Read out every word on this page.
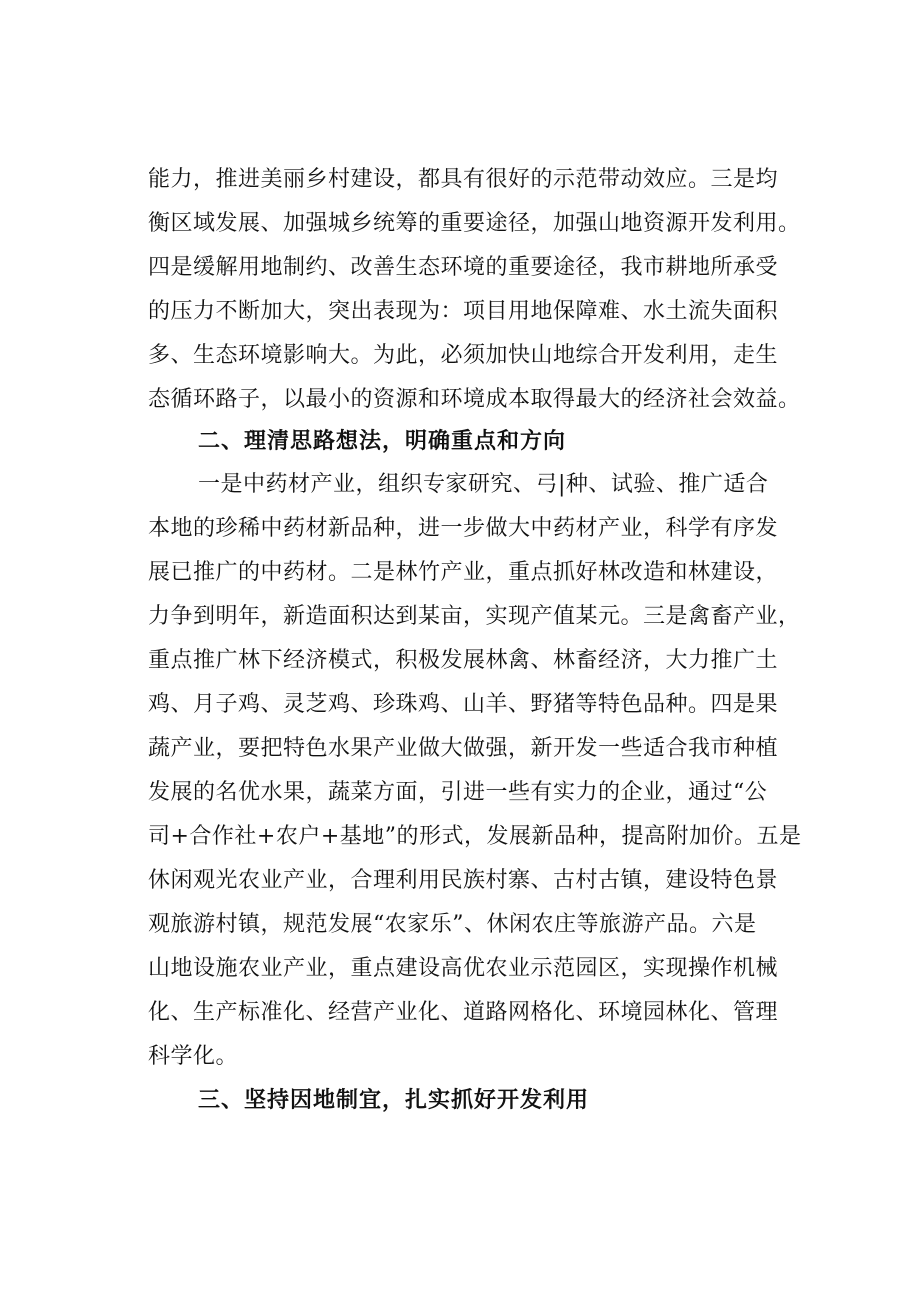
能力，推进美丽乡村建设，都具有很好的示范带动效应。三是均
衡区域发展、加强城乡统筹的重要途径，加强山地资源开发利用。
四是缓解用地制约、改善生态环境的重要途径，我市耕地所承受
的压力不断加大，突出表现为：项目用地保障难、水土流失面积
多、生态环境影响大。为此，必须加快山地综合开发利用，走生
态循环路子，以最小的资源和环境成本取得最大的经济社会效益。
二、理清思路想法，明确重点和方向
一是中药材产业，组织专家研究、弓|种、试验、推广适合
本地的珍稀中药材新品种，进一步做大中药材产业，科学有序发
展已推广的中药材。二是林竹产业，重点抓好林改造和林建设，
力争到明年，新造面积达到某亩，实现产值某元。三是禽畜产业，
重点推广林下经济模式，积极发展林禽、林畜经济，大力推广土
鸡、月子鸡、灵芝鸡、珍珠鸡、山羊、野猪等特色品种。四是果
蔬产业，要把特色水果产业做大做强，新开发一些适合我市种植
发展的名优水果，蔬菜方面，引进一些有实力的企业，通过“公
司+合作社+农户+基地”的形式，发展新品种，提高附加价。五是
休闲观光农业产业，合理利用民族村寨、古村古镇，建设特色景
观旅游村镇，规范发展“农家乐”、休闲农庄等旅游产品。六是
山地设施农业产业，重点建设高优农业示范园区，实现操作机械
化、生产标准化、经营产业化、道路网格化、环境园林化、管理
科学化。
三、坚持因地制宜，扎实抓好开发利用
